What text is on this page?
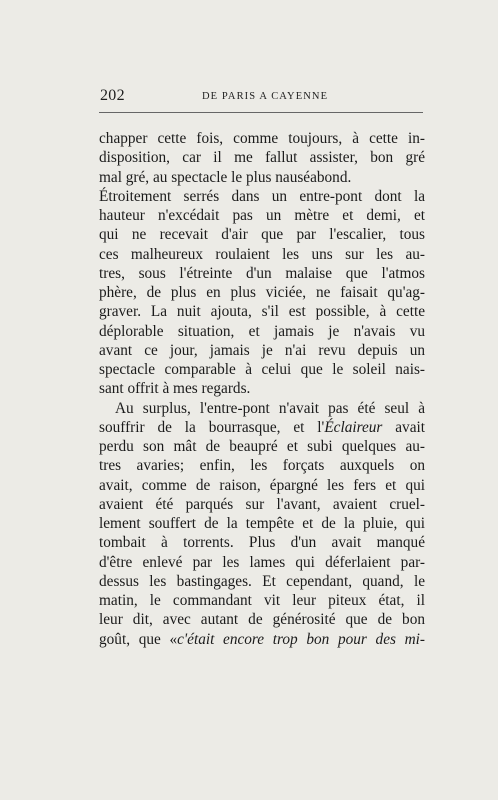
202	DE PARIS A CAYENNE
chapper cette fois, comme toujours, à cette in-
disposition, car il me fallut assister, bon gré
mal gré, au spectacle le plus nauséabond.
Étroitement serrés dans un entre-pont dont la
hauteur n'excédait pas un mètre et demi, et
qui ne recevait d'air que par l'escalier, tous
ces malheureux roulaient les uns sur les au-
tres, sous l'étreinte d'un malaise que l'atmos
phère, de plus en plus viciée, ne faisait qu'ag-
graver. La nuit ajouta, s'il est possible, à cette
déplorable situation, et jamais je n'avais vu
avant ce jour, jamais je n'ai revu depuis un
spectacle comparable à celui que le soleil nais-
sant offrit à mes regards.
Au surplus, l'entre-pont n'avait pas été seul à
souffrir de la bourrasque, et l'Éclaireur avait
perdu son mât de beaupré et subi quelques au-
tres avaries; enfin, les forçats auxquels on
avait, comme de raison, épargné les fers et qui
avaient été parqués sur l'avant, avaient cruel-
lement souffert de la tempête et de la pluie, qui
tombait à torrents. Plus d'un avait manqué
d'être enlevé par les lames qui déferlaient par-
dessus les bastingages. Et cependant, quand, le
matin, le commandant vit leur piteux état, il
leur dit, avec autant de générosité que de bon
goût, que «c'était encore trop bon pour des mi-
